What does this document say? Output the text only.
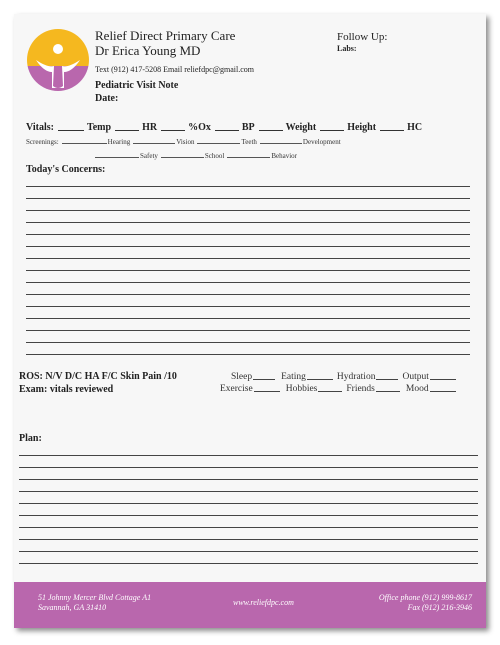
Relief Direct Primary Care
Dr Erica Young MD
Text (912) 417-5208 Email reliefdpc@gmail.com
Pediatric Visit Note
Date:
Follow Up:
Labs:
Vitals:	Temp	HR	%Ox	BP	Weight	Height	HC
Screenings:	Hearing	Vision	Teeth	Development
Safety	School	Behavior
Today's Concerns:
ROS: N/V D/C HA F/C Skin Pain /10
Exam: vitals reviewed
Sleep	Eating	Hydration	Output
Exercise	Hobbies	Friends	Mood
Plan:
51 Johnny Mercer Blvd Cottage A1
Savannah, GA 31410
www.reliefdpc.com
Office phone (912) 999-8617
Fax (912) 216-3946
